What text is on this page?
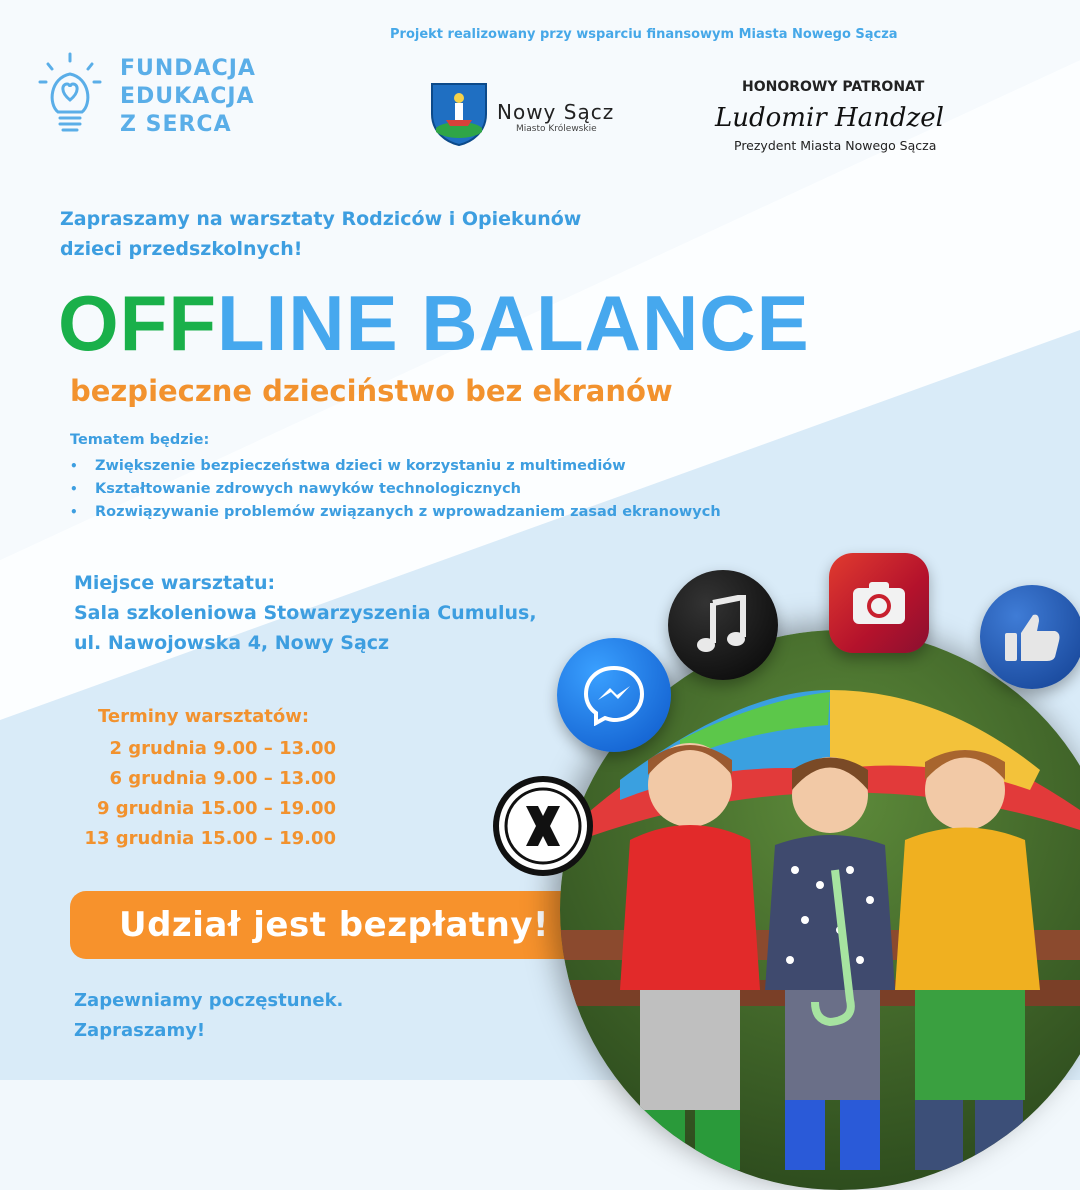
Projekt realizowany przy wsparciu finansowym Miasta Nowego Sącza
FUNDACJA
EDUKACJA
Z SERCA	Nowy Sącz
Miasto Królewskie
HONOROWY PATRONAT
Ludomir Handzel
Prezydent Miasta Nowego Sącza
Zapraszamy na warsztaty Rodziców i Opiekunów
dzieci przedszkolnych!
OFFLINE BALANCE
bezpieczne dzieciństwo bez ekranów
Tematem będzie:
• Zwiększenie bezpieczeństwa dzieci w korzystaniu z multimediów
• Kształtowanie zdrowych nawyków technologicznych
• Rozwiązywanie problemów związanych z wprowadzaniem zasad ekranowych
Miejsce warsztatu:
Sala szkoleniowa Stowarzyszenia Cumulus,
ul. Nawojowska 4, Nowy Sącz
Terminy warsztatów:
2 grudnia 9.00 – 13.00
6 grudnia 9.00 – 13.00
9 grudnia 15.00 – 19.00
13 grudnia 15.00 – 19.00
Udział jest bezpłatny!
Zapewniamy poczęstunek.
Zapraszamy!
